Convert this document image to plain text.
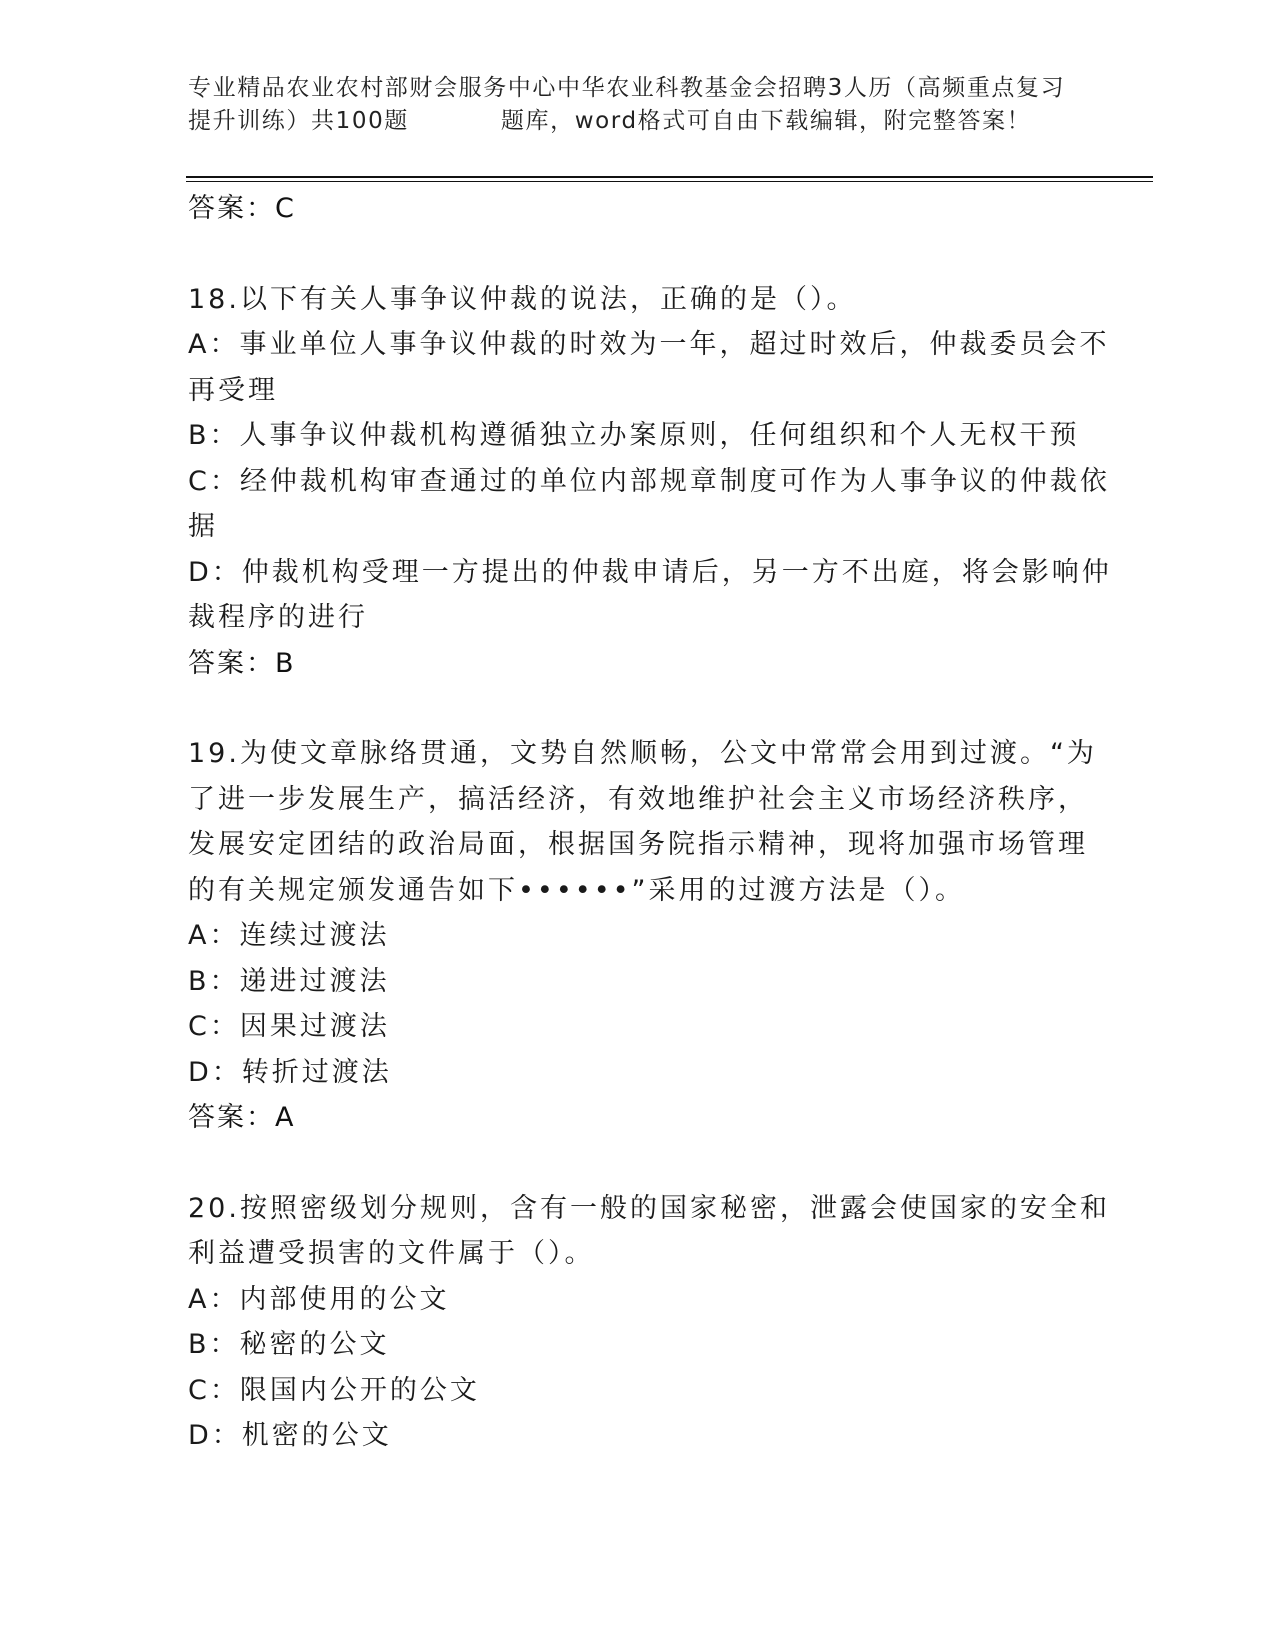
专业精品农业农村部财会服务中心中华农业科教基金会招聘3人历（高频重点复习
提升训练）共100题	题库，word格式可自由下载编辑，附完整答案！
答案：C
18.以下有关人事争议仲裁的说法，正确的是（）。
A：事业单位人事争议仲裁的时效为一年，超过时效后，仲裁委员会不
再受理
B：人事争议仲裁机构遵循独立办案原则，任何组织和个人无权干预
C：经仲裁机构审查通过的单位内部规章制度可作为人事争议的仲裁依
据
D：仲裁机构受理一方提出的仲裁申请后，另一方不出庭，将会影响仲
裁程序的进行
答案：B
19.为使文章脉络贯通，文势自然顺畅，公文中常常会用到过渡。“为
了进一步发展生产，搞活经济，有效地维护社会主义市场经济秩序，
发展安定团结的政治局面，根据国务院指示精神，现将加强市场管理
的有关规定颁发通告如下••••••”采用的过渡方法是（）。
A：连续过渡法
B：递进过渡法
C：因果过渡法
D：转折过渡法
答案：A
20.按照密级划分规则，含有一般的国家秘密，泄露会使国家的安全和
利益遭受损害的文件属于（）。
A：内部使用的公文
B：秘密的公文
C：限国内公开的公文
D：机密的公文
